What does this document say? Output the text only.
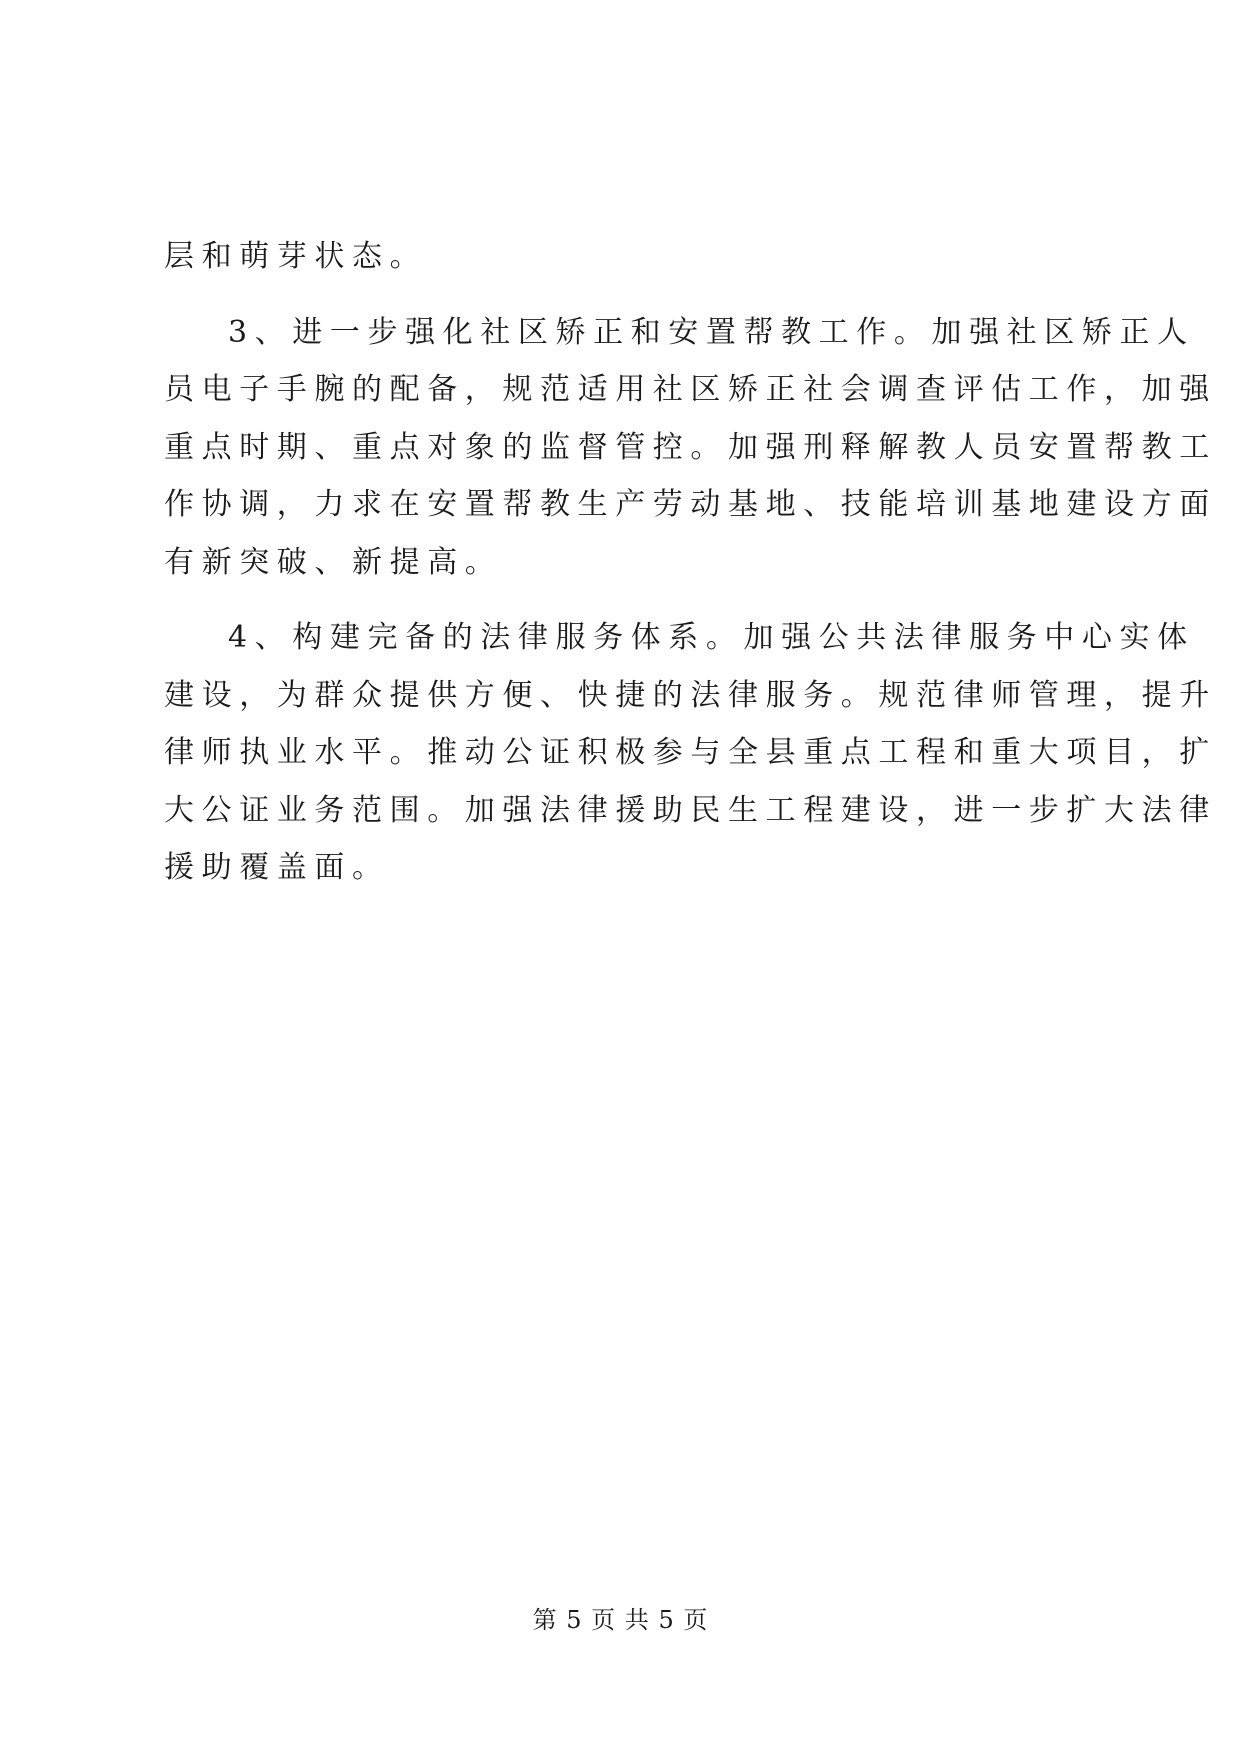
层和萌芽状态。
3、进一步强化社区矫正和安置帮教工作。加强社区矫正人
员电子手腕的配备，规范适用社区矫正社会调查评估工作，加强
重点时期、重点对象的监督管控。加强刑释解教人员安置帮教工
作协调，力求在安置帮教生产劳动基地、技能培训基地建设方面
有新突破、新提高。
4、构建完备的法律服务体系。加强公共法律服务中心实体
建设，为群众提供方便、快捷的法律服务。规范律师管理，提升
律师执业水平。推动公证积极参与全县重点工程和重大项目，扩
大公证业务范围。加强法律援助民生工程建设，进一步扩大法律
援助覆盖面。
第 5 页 共 5 页
